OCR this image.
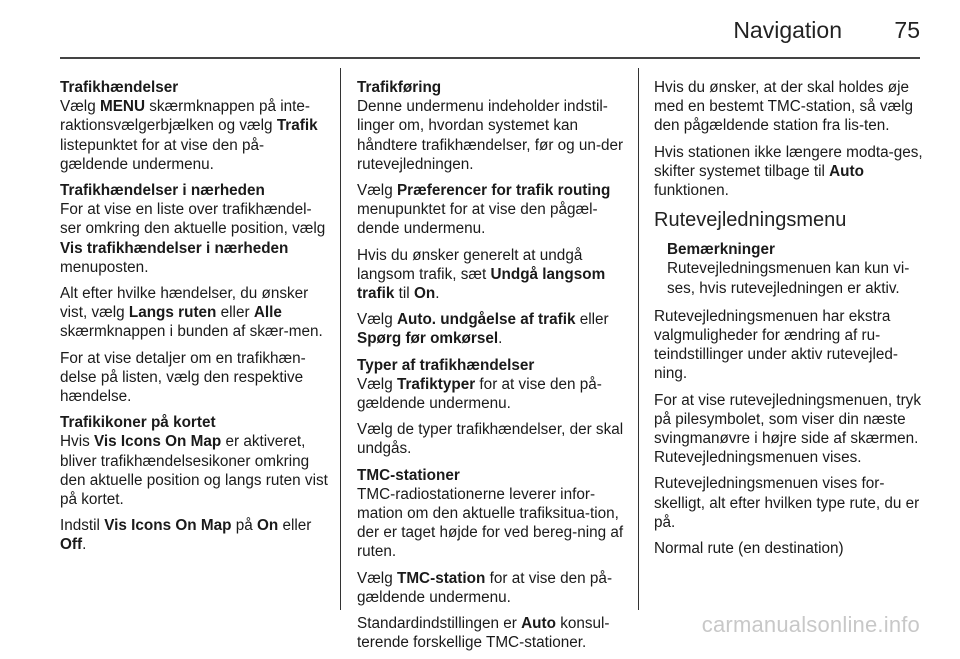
Navigation 75
Trafikhændelser
Vælg MENU skærmknappen på inte-raktionsvælgerbjælken og vælg Trafik listepunktet for at vise den på-gældende undermenu.
Trafikhændelser i nærheden
For at vise en liste over trafikhændel-ser omkring den aktuelle position, vælg Vis trafikhændelser i nærheden menuposten.
Alt efter hvilke hændelser, du ønsker vist, vælg Langs ruten eller Alle skærmknappen i bunden af skær-men.
For at vise detaljer om en trafikhæn-delse på listen, vælg den respektive hændelse.
Trafikikoner på kortet
Hvis Vis Icons On Map er aktiveret, bliver trafikhændelsesikoner omkring den aktuelle position og langs ruten vist på kortet.
Indstil Vis Icons On Map på On eller Off.
Trafikføring
Denne undermenu indeholder indstil-linger om, hvordan systemet kan håndtere trafikhændelser, før og un-der rutevejledningen.
Vælg Præferencer for trafik routing menupunktet for at vise den pågæl-dende undermenu.
Hvis du ønsker generelt at undgå langsom trafik, sæt Undgå langsom trafik til On.
Vælg Auto. undgåelse af trafik eller Spørg før omkørsel.
Typer af trafikhændelser
Vælg Trafiktyper for at vise den på-gældende undermenu.
Vælg de typer trafikhændelser, der skal undgås.
TMC-stationer
TMC-radiostationerne leverer infor-mation om den aktuelle trafiksitua-tion, der er taget højde for ved bereg-ning af ruten.
Vælg TMC-station for at vise den på-gældende undermenu.
Standardindstillingen er Auto konsul-terende forskellige TMC-stationer.
Hvis du ønsker, at der skal holdes øje med en bestemt TMC-station, så vælg den pågældende station fra lis-ten.
Hvis stationen ikke længere modta-ges, skifter systemet tilbage til Auto funktionen.
Rutevejledningsmenu
Bemærkninger
Rutevejledningsmenuen kan kun vi-ses, hvis rutevejledningen er aktiv.
Rutevejledningsmenuen har ekstra valgmuligheder for ændring af ru-teindstillinger under aktiv rutevejled-ning.
For at vise rutevejledningsmenuen, tryk på pilesymbolet, som viser din næste svingmanøvre i højre side af skærmen. Rutevejledningsmenuen vises.
Rutevejledningsmenuen vises for-skelligt, alt efter hvilken type rute, du er på.
Normal rute (en destination)
carmanualsonline.info
